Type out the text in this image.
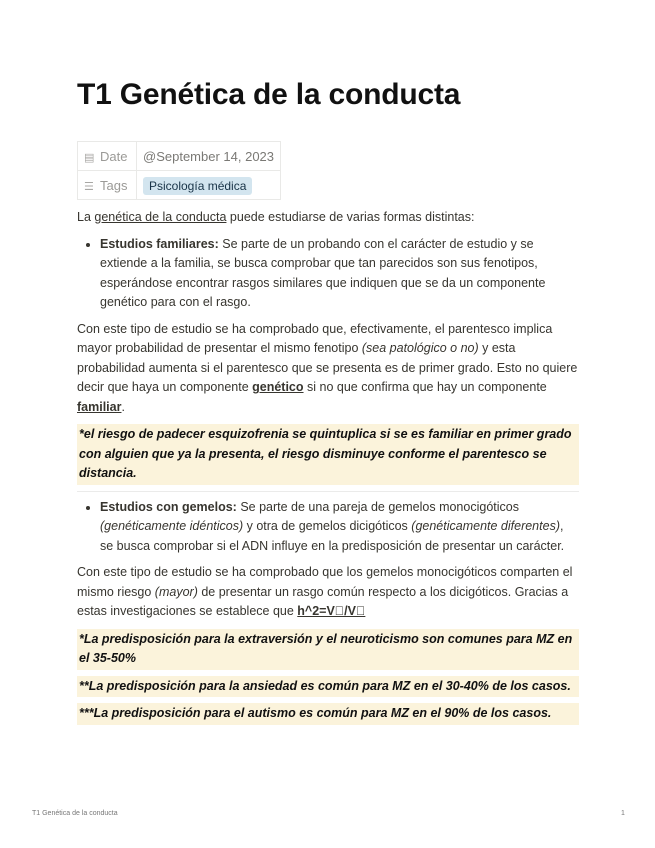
T1 Genética de la conducta
▤ Date	@September 14, 2023
☰ Tags	Psicología médica

La genética de la conducta puede estudiarse de varias formas distintas:

• Estudios familiares: Se parte de un probando con el carácter de estudio y se extiende a la familia, se busca comprobar que tan parecidos son sus fenotipos, esperándose encontrar rasgos similares que indiquen que se da un componente genético para con el rasgo.

Con este tipo de estudio se ha comprobado que, efectivamente, el parentesco implica mayor probabilidad de presentar el mismo fenotipo (sea patológico o no) y esta probabilidad aumenta si el parentesco que se presenta es de primer grado. Esto no quiere decir que haya un componente genético si no que confirma que hay un componente familiar.

*el riesgo de padecer esquizofrenia se quintuplica si se es familiar en primer grado con alguien que ya la presenta, el riesgo disminuye conforme el parentesco se distancia.
• Estudios con gemelos: Se parte de una pareja de gemelos monocigóticos (genéticamente idénticos) y otra de gemelos dicigóticos (genéticamente diferentes), se busca comprobar si el ADN influye en la predisposición de presentar un carácter.

Con este tipo de estudio se ha comprobado que los gemelos monocigóticos comparten el mismo riesgo (mayor) de presentar un rasgo común respecto a los dicigóticos. Gracias a estas investigaciones se establece que h^2=V /V 

*La predisposición para la extraversión y el neuroticismo son comunes para MZ en el 35-50%
**La predisposición para la ansiedad es común para MZ en el 30-40% de los casos.
***La predisposición para el autismo es común para MZ en el 90% de los casos.
T1 Genética de la conducta	1
